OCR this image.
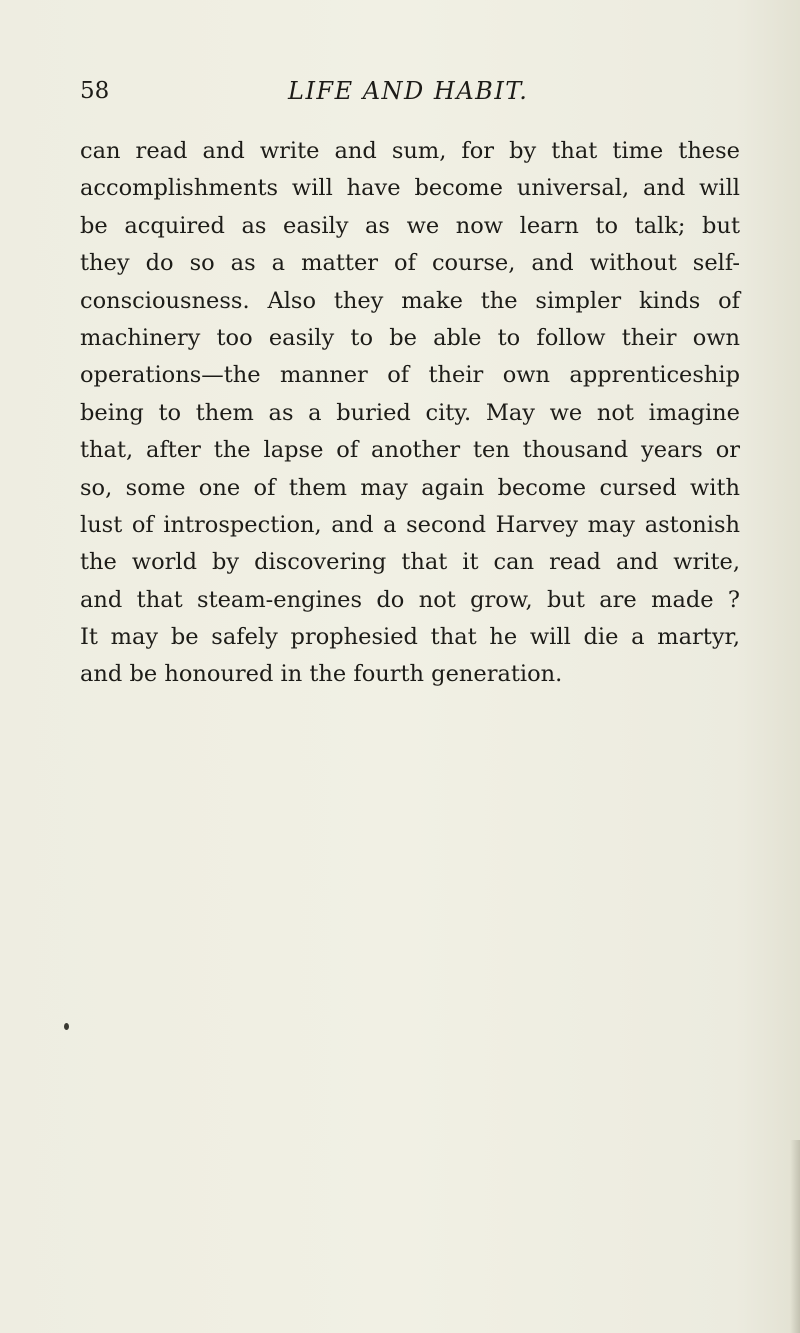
58	LIFE AND HABIT.
can read and write and sum, for by that time these
accomplishments will have become universal, and will
be acquired as easily as we now learn to talk; but
they do so as a matter of course, and without self-
consciousness. Also they make the simpler kinds of
machinery too easily to be able to follow their own
operations—the manner of their own apprenticeship
being to them as a buried city. May we not imagine
that, after the lapse of another ten thousand years or
so, some one of them may again become cursed with
lust of introspection, and a second Harvey may astonish
the world by discovering that it can read and write,
and that steam-engines do not grow, but are made ?
It may be safely prophesied that he will die a martyr,
and be honoured in the fourth generation.
